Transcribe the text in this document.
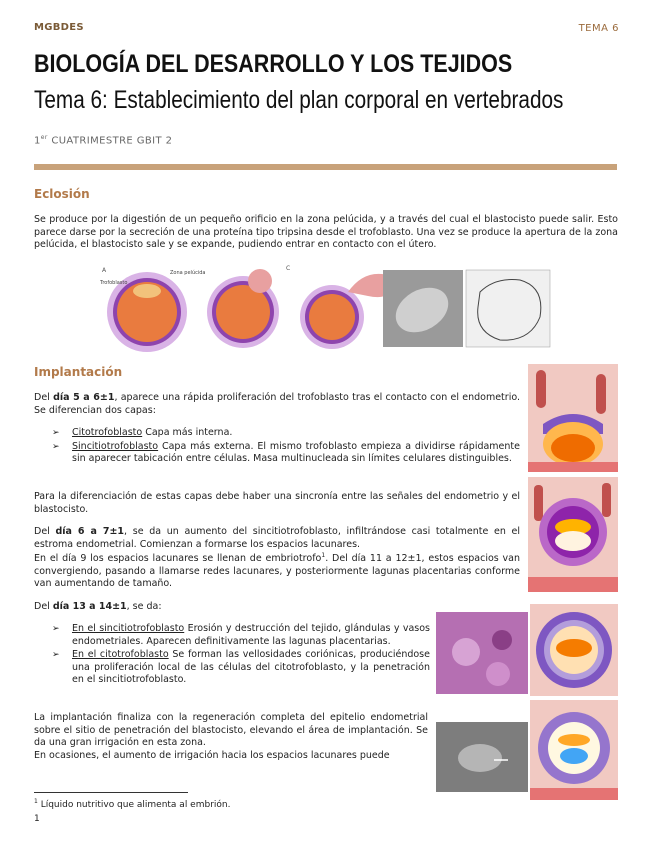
MGBDES	TEMA 6
BIOLOGÍA DEL DESARROLLO Y LOS TEJIDOS
Tema 6: Establecimiento del plan corporal en vertebrados
1er CUATRIMESTRE GBIT 2
Eclosión
Se produce por la digestión de un pequeño orificio en la zona pelúcida, y a través del cual el blastocisto puede salir. Esto parece darse por la secreción de una proteína tipo tripsina desde el trofoblasto. Una vez se produce la apertura de la zona pelúcida, el blastocisto sale y se expande, pudiendo entrar en contacto con el útero.
A	C
Zona pelúcida
Trofoblasto
Implantación
Del día 5 a 6±1, aparece una rápida proliferación del trofoblasto tras el contacto con el endometrio. Se diferencian dos capas:
➢ Citotrofoblasto Capa más interna.
➢ Sincitiotrofoblasto Capa más externa. El mismo trofoblasto empieza a dividirse rápidamente sin aparecer tabicación entre células. Masa multinucleada sin límites celulares distinguibles.
Para la diferenciación de estas capas debe haber una sincronía entre las señales del endometrio y el blastocisto.
Del día 6 a 7±1, se da un aumento del sincitiotrofoblasto, infiltrándose casi totalmente en el estroma endometrial. Comienzan a formarse los espacios lacunares.
En el día 9 los espacios lacunares se llenan de embriotrofo$^1$. Del día 11 a 12±1, estos espacios van convergiendo, pasando a llamarse redes lacunares, y posteriormente lagunas placentarias conforme van aumentando de tamaño.
Del día 13 a 14±1, se da:
➢ En el sincitiotrofoblasto Erosión y destrucción del tejido, glándulas y vasos endometriales. Aparecen definitivamente las lagunas placentarias.
➢ En el citotrofoblasto Se forman las vellosidades coriónicas, produciéndose una proliferación local de las células del citotrofoblasto, y la penetración en el sincitiotrofoblasto.
La implantación finaliza con la regeneración completa del epitelio endometrial sobre el sitio de penetración del blastocisto, elevando el área de implantación. Se da una gran irrigación en esta zona.
En ocasiones, el aumento de irrigación hacia los espacios lacunares puede
$^1$ Líquido nutritivo que alimenta al embrión.
1
